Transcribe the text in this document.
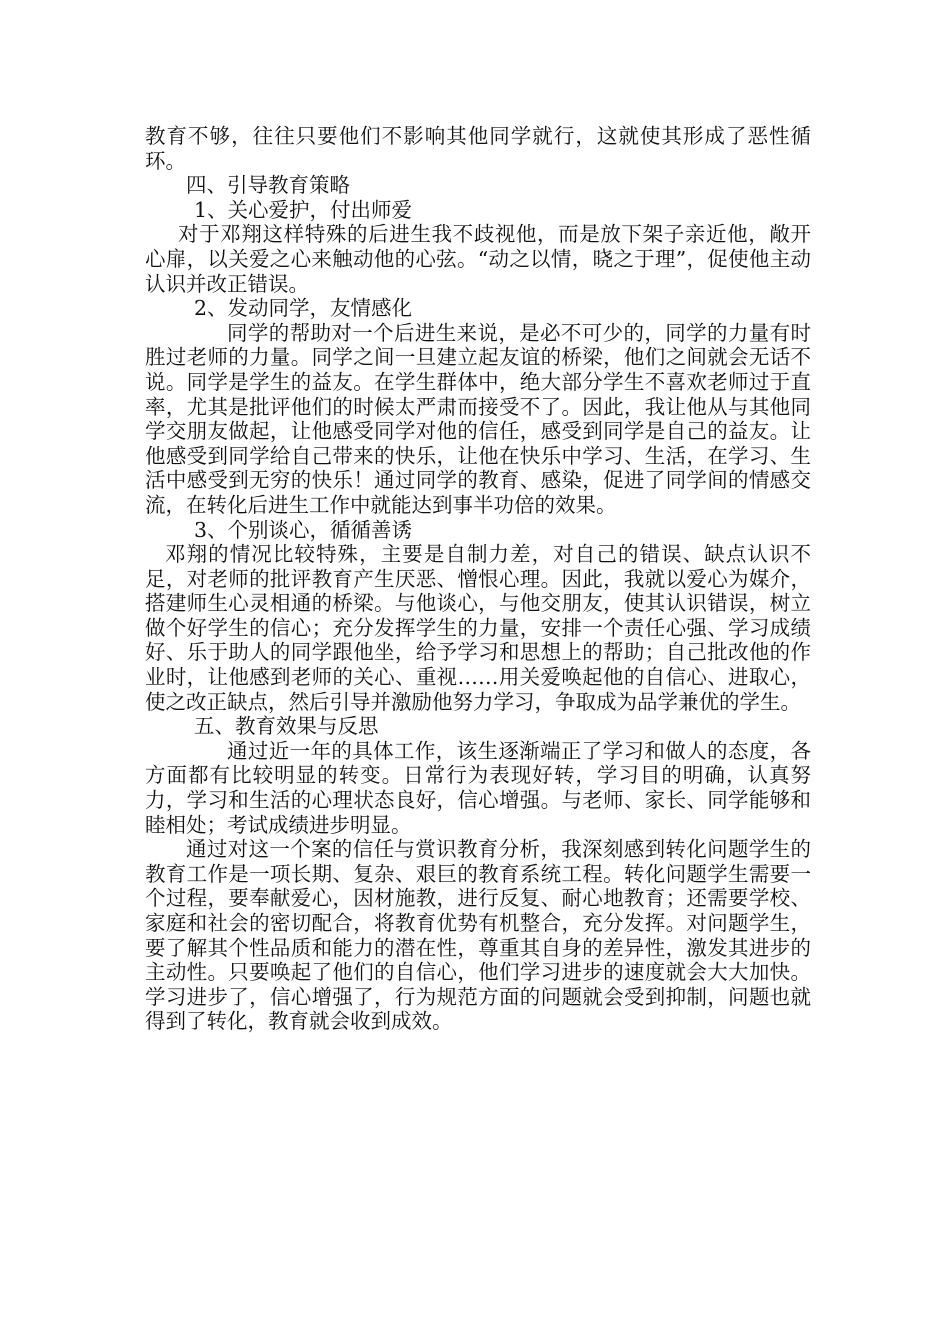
教育不够，往往只要他们不影响其他同学就行，这就使其形成了恶性循环。

四、引导教育策略

1、关心爱护，付出师爱

对于邓翔这样特殊的后进生我不歧视他，而是放下架子亲近他，敞开心扉，以关爱之心来触动他的心弦。“动之以情，晓之于理”，促使他主动认识并改正错误。

2、发动同学，友情感化

同学的帮助对一个后进生来说，是必不可少的，同学的力量有时胜过老师的力量。同学之间一旦建立起友谊的桥梁，他们之间就会无话不说。同学是学生的益友。在学生群体中，绝大部分学生不喜欢老师过于直率，尤其是批评他们的时候太严肃而接受不了。因此，我让他从与其他同学交朋友做起，让他感受同学对他的信任，感受到同学是自己的益友。让他感受到同学给自己带来的快乐，让他在快乐中学习、生活，在学习、生活中感受到无穷的快乐！通过同学的教育、感染，促进了同学间的情感交流，在转化后进生工作中就能达到事半功倍的效果。

3、个别谈心，循循善诱

邓翔的情况比较特殊，主要是自制力差，对自己的错误、缺点认识不足，对老师的批评教育产生厌恶、憎恨心理。因此，我就以爱心为媒介，搭建师生心灵相通的桥梁。与他谈心，与他交朋友，使其认识错误，树立做个好学生的信心；充分发挥学生的力量，安排一个责任心强、学习成绩好、乐于助人的同学跟他坐，给予学习和思想上的帮助；自己批改他的作业时，让他感到老师的关心、重视……用关爱唤起他的自信心、进取心，使之改正缺点，然后引导并激励他努力学习，争取成为品学兼优的学生。

五、教育效果与反思

通过近一年的具体工作，该生逐渐端正了学习和做人的态度，各方面都有比较明显的转变。日常行为表现好转，学习目的明确，认真努力，学习和生活的心理状态良好，信心增强。与老师、家长、同学能够和睦相处；考试成绩进步明显。

通过对这一个案的信任与赏识教育分析，我深刻感到转化问题学生的教育工作是一项长期、复杂、艰巨的教育系统工程。转化问题学生需要一个过程，要奉献爱心，因材施教，进行反复、耐心地教育；还需要学校、家庭和社会的密切配合，将教育优势有机整合，充分发挥。对问题学生，要了解其个性品质和能力的潜在性，尊重其自身的差异性，激发其进步的主动性。只要唤起了他们的自信心，他们学习进步的速度就会大大加快。学习进步了，信心增强了，行为规范方面的问题就会受到抑制，问题也就得到了转化，教育就会收到成效。
